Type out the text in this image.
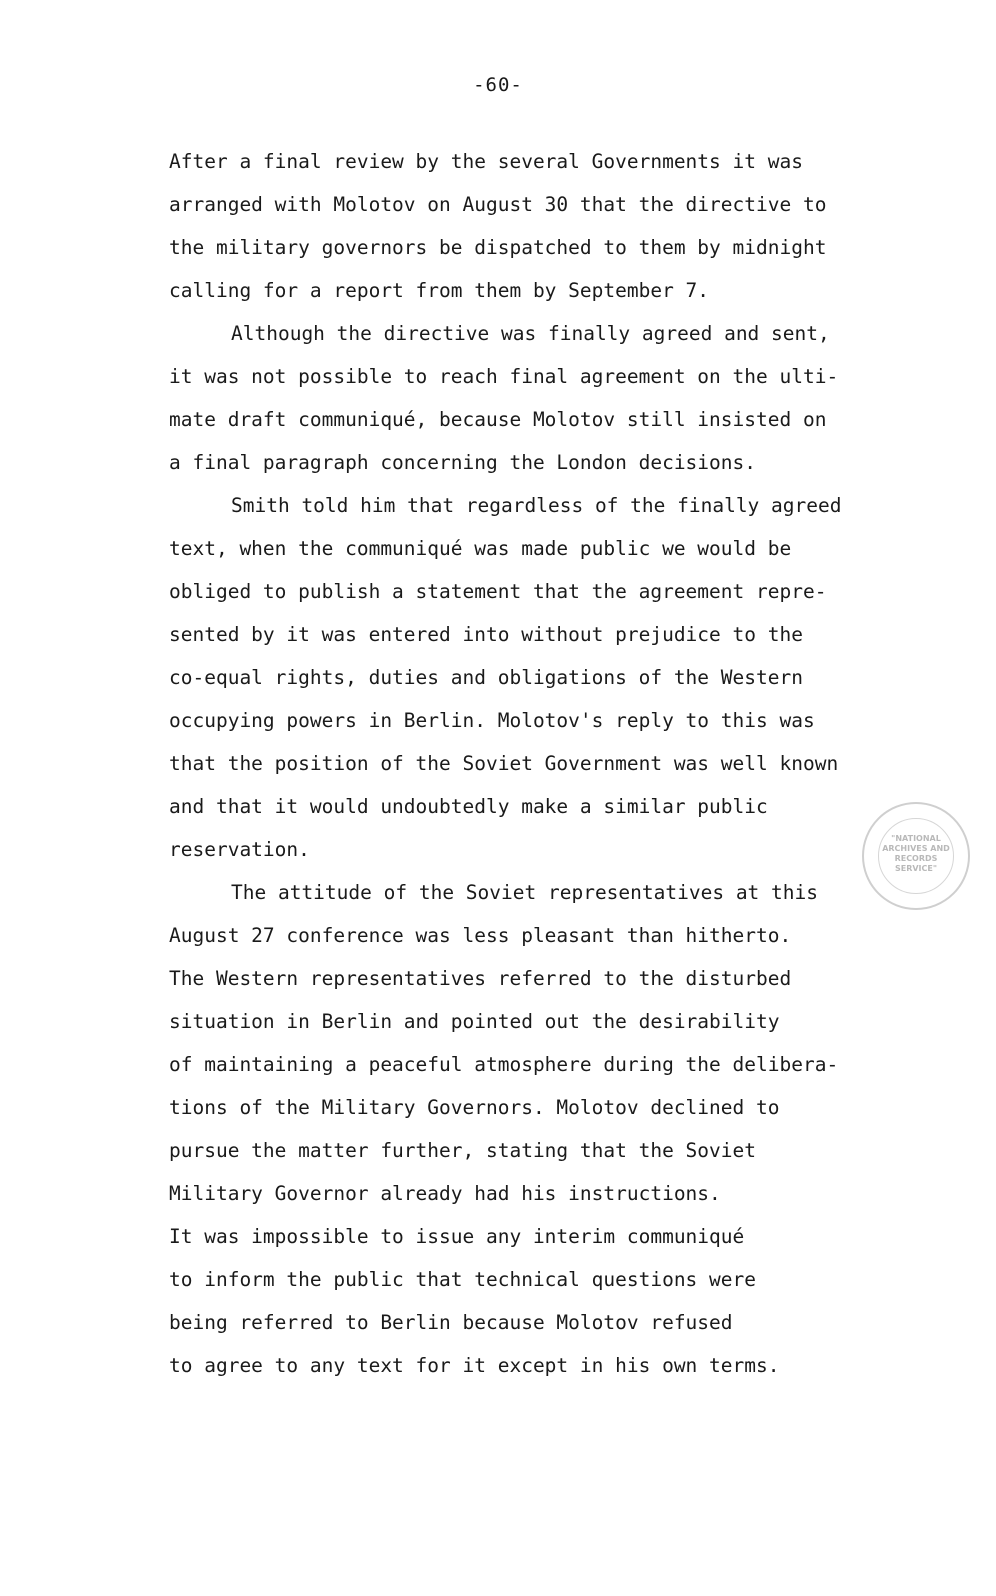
-60-
After a final review by the several Governments it was
arranged with Molotov on August 30 that the directive to
the military governors be dispatched to them by midnight
calling for a report from them by September 7.
Although the directive was finally agreed and sent,
it was not possible to reach final agreement on the ulti-
mate draft communiqué, because Molotov still insisted on
a final paragraph concerning the London decisions.
Smith told him that regardless of the finally agreed
text, when the communiqué was made public we would be
obliged to publish a statement that the agreement repre-
sented by it was entered into without prejudice to the
co-equal rights, duties and obligations of the Western
occupying powers in Berlin. Molotov's reply to this was
that the position of the Soviet Government was well known
and that it would undoubtedly make a similar public
reservation.
The attitude of the Soviet representatives at this
August 27 conference was less pleasant than hitherto.
The Western representatives referred to the disturbed
situation in Berlin and pointed out the desirability
of maintaining a peaceful atmosphere during the delibera-
tions of the Military Governors. Molotov declined to
pursue the matter further, stating that the Soviet
Military Governor already had his instructions.
It was impossible to issue any interim communiqué
to inform the public that technical questions were
being referred to Berlin because Molotov refused
to agree to any text for it except in his own terms.
"NATIONAL
ARCHIVES AND
RECORDS
SERVICE"
